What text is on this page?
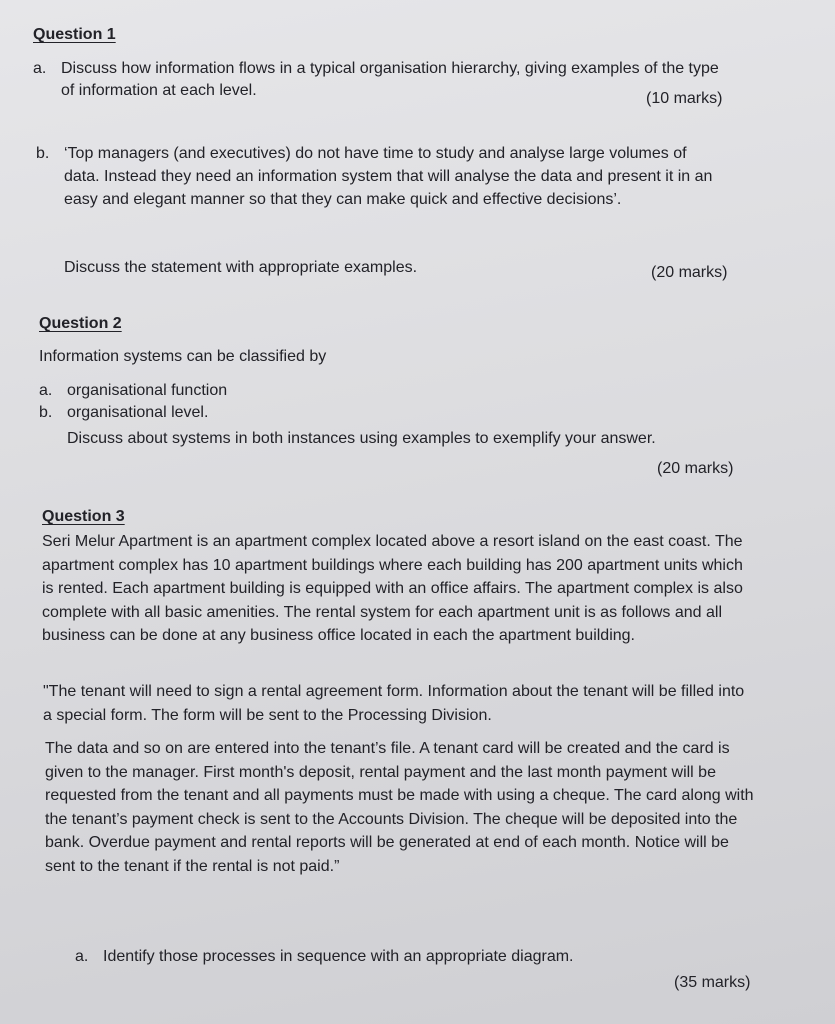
Question 1
a. Discuss how information flows in a typical organisation hierarchy, giving examples of the type of information at each level.	(10 marks)
b. ‘Top managers (and executives) do not have time to study and analyse large volumes of data. Instead they need an information system that will analyse the data and present it in an easy and elegant manner so that they can make quick and effective decisions’.
Discuss the statement with appropriate examples.	(20 marks)
Question 2
Information systems can be classified by
a. organisational function
b. organisational level.
Discuss about systems in both instances using examples to exemplify your answer.
(20 marks)
Question 3
Seri Melur Apartment is an apartment complex located above a resort island on the east coast. The apartment complex has 10 apartment buildings where each building has 200 apartment units which is rented. Each apartment building is equipped with an office affairs. The apartment complex is also complete with all basic amenities. The rental system for each apartment unit is as follows and all business can be done at any business office located in each the apartment building.
"The tenant will need to sign a rental agreement form. Information about the tenant will be filled into a special form. The form will be sent to the Processing Division.
The data and so on are entered into the tenant’s file. A tenant card will be created and the card is given to the manager. First month's deposit, rental payment and the last month payment will be requested from the tenant and all payments must be made with using a cheque. The card along with the tenant’s payment check is sent to the Accounts Division. The cheque will be deposited into the bank. Overdue payment and rental reports will be generated at end of each month. Notice will be sent to the tenant if the rental is not paid.”
a. Identify those processes in sequence with an appropriate diagram.
(35 marks)
